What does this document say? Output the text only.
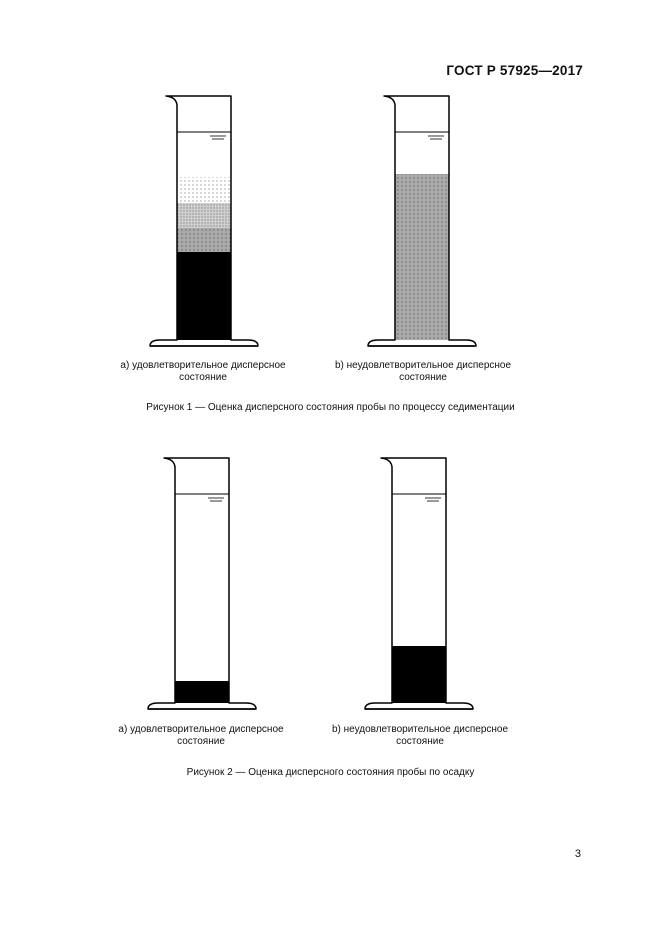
ГОСТ Р 57925—2017
а) удовлетворительное дисперсное
состояние
b) неудовлетворительное дисперсное
состояние
Рисунок 1 — Оценка дисперсного состояния пробы по процессу седиментации
а) удовлетворительное дисперсное
состояние
b) неудовлетворительное дисперсное
состояние
Рисунок 2 — Оценка дисперсного состояния пробы по осадку
3
